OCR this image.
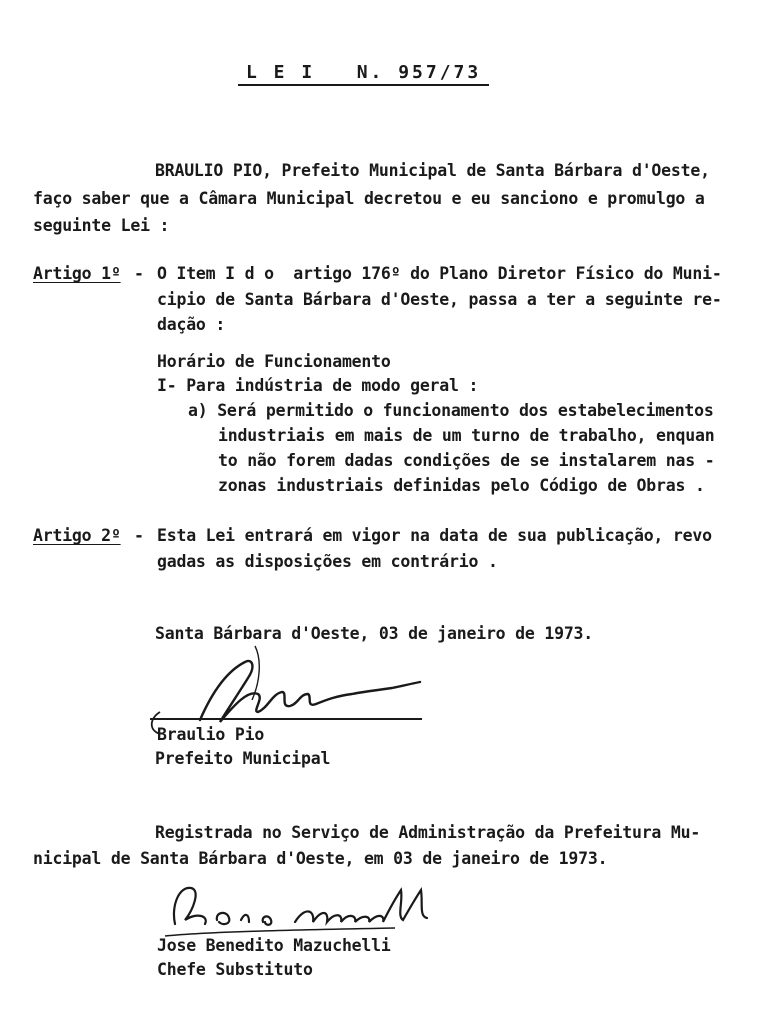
L E I   N. 957/73
BRAULIO PIO, Prefeito Municipal de Santa Bárbara d'Oeste,
faço saber que a Câmara Municipal decretou e eu sanciono e promulgo a
seguinte Lei :
Artigo 1º - O Item I d o  artigo 176º do Plano Diretor Físico do Muni-
cipio de Santa Bárbara d'Oeste, passa a ter a seguinte re-
dação :
Horário de Funcionamento
I- Para indústria de modo geral :
a) Será permitido o funcionamento dos estabelecimentos
industriais em mais de um turno de trabalho, enquan
to não forem dadas condições de se instalarem nas -
zonas industriais definidas pelo Código de Obras .
Artigo 2º - Esta Lei entrará em vigor na data de sua publicação, revo
gadas as disposições em contrário .
Santa Bárbara d'Oeste, 03 de janeiro de 1973.
Braulio Pio
Prefeito Municipal
Registrada no Serviço de Administração da Prefeitura Mu-
nicipal de Santa Bárbara d'Oeste, em 03 de janeiro de 1973.
Jose Benedito Mazuchelli
Chefe Substituto
